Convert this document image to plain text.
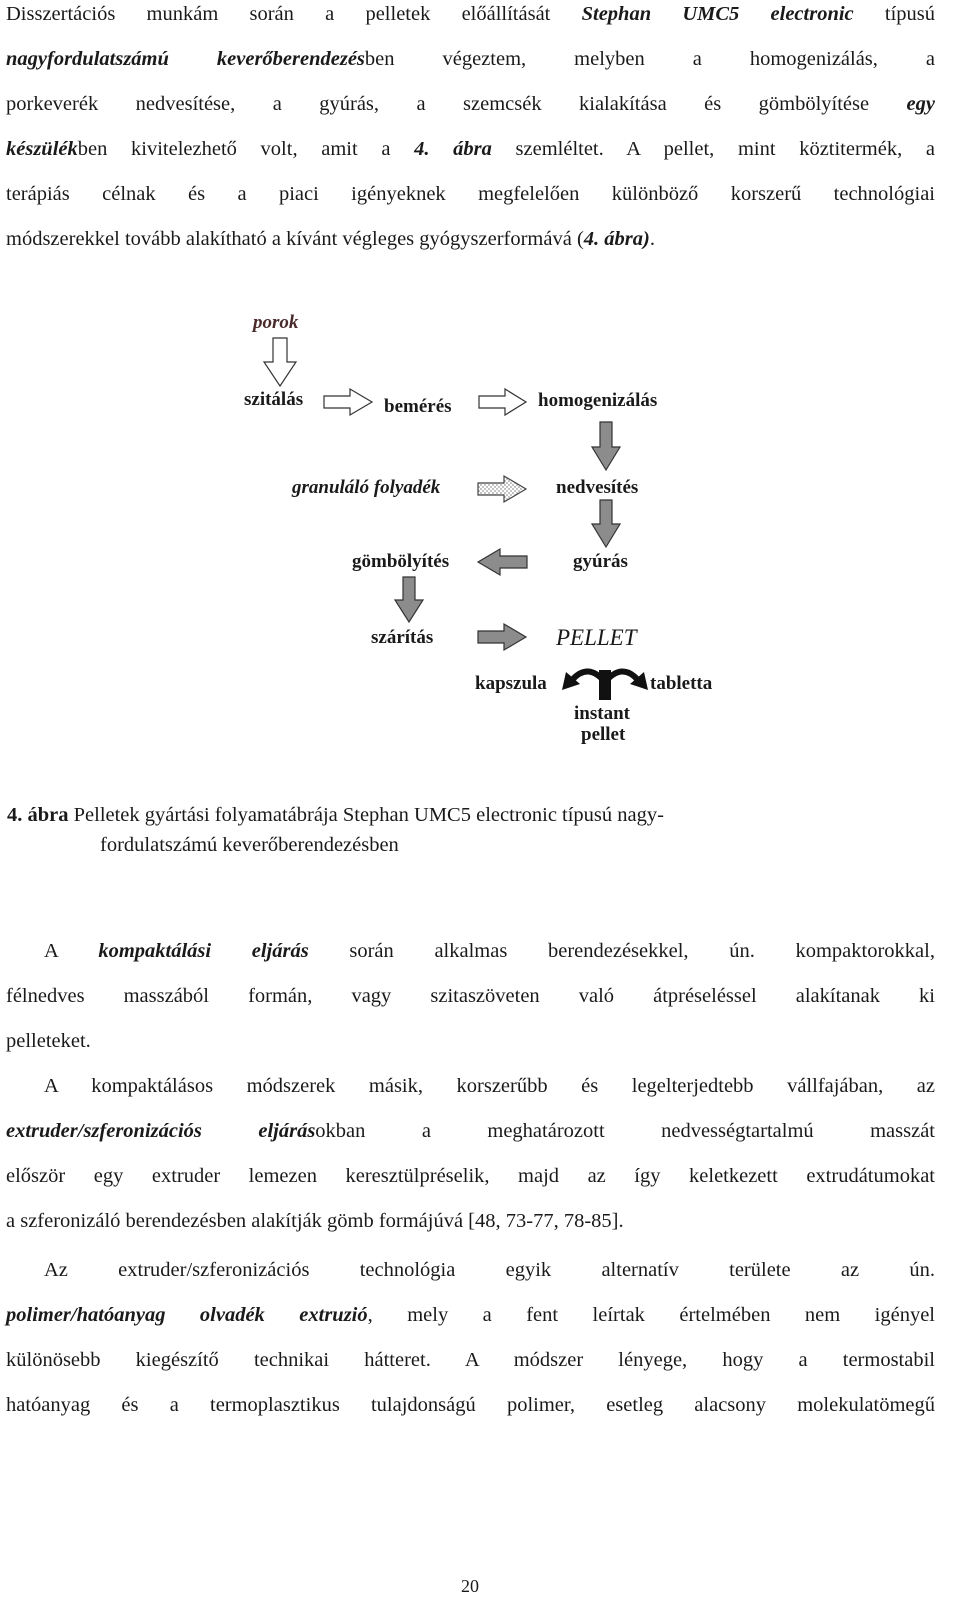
Disszertációs munkám során a pelletek előállítását Stephan UMC5 electronic típusú
nagyfordulatszámú keverőberendezésben végeztem, melyben a homogenizálás, a
porkeverék nedvesítése, a gyúrás, a szemcsék kialakítása és gömbölyítése egy
készülékben kivitelezhető volt, amit a 4. ábra szemléltet. A pellet, mint köztitermék, a
terápiás célnak és a piaci igényeknek megfelelően különböző korszerű technológiai
módszerekkel tovább alakítható a kívánt végleges gyógyszerformává (4. ábra).
porok
szitálás	bemérés	homogenizálás
granuláló folyadék	nedvesítés
gömbölyítés	gyúrás
szárítás	PELLET
kapszula	tabletta
instant
pellet
4. ábra Pelletek gyártási folyamatábrája Stephan UMC5 electronic típusú nagy-
fordulatszámú keverőberendezésben
A kompaktálási eljárás során alkalmas berendezésekkel, ún. kompaktorokkal,
félnedves masszából formán, vagy szitaszöveten való átpréseléssel alakítanak ki
pelleteket.
A kompaktálásos módszerek másik, korszerűbb és legelterjedtebb vállfajában, az
extruder/szferonizációs eljárásokban a meghatározott nedvességtartalmú masszát
először egy extruder lemezen keresztülpréselik, majd az így keletkezett extrudátumokat
a szferonizáló berendezésben alakítják gömb formájúvá [48, 73-77, 78-85].
Az extruder/szferonizációs technológia egyik alternatív területe az ún.
polimer/hatóanyag olvadék extruzió, mely a fent leírtak értelmében nem igényel
különösebb kiegészítő technikai hátteret. A módszer lényege, hogy a termostabil
hatóanyag és a termoplasztikus tulajdonságú polimer, esetleg alacsony molekulatömegű
20
